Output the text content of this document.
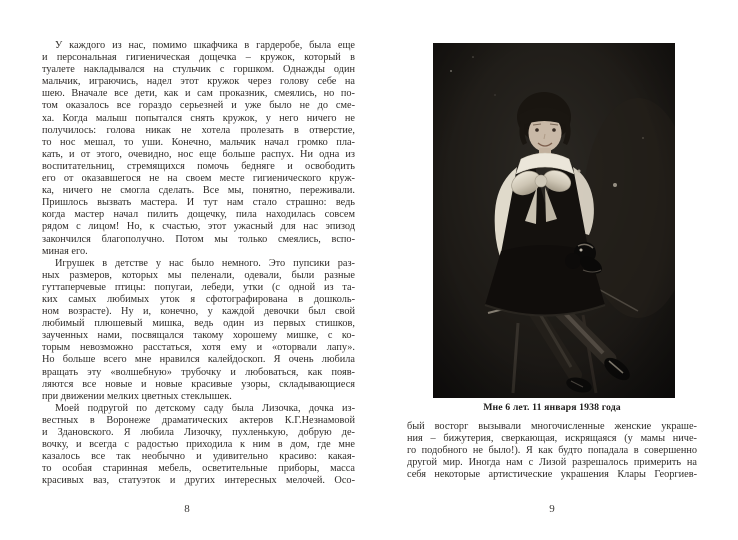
У каждого из нас, помимо шкафчика в гардеробе, была еще
и персональная гигиеническая дощечка – кружок, который в
туалете накладывался на стульчик с горшком. Однажды один
мальчик, играючись, надел этот кружок через голову себе на
шею. Вначале все дети, как и сам проказник, смеялись, но по-
том оказалось все гораздо серьезней и уже было не до сме-
ха. Когда малыш попытался снять кружок, у него ничего не
получилось: голова никак не хотела пролезать в отверстие,
то нос мешал, то уши. Конечно, мальчик начал громко пла-
кать, и от этого, очевидно, нос еще больше распух. Ни одна из
воспитательниц, стремящихся помочь бедняге и освободить
его от оказавшегося не на своем месте гигиенического круж-
ка, ничего не смогла сделать. Все мы, понятно, переживали.
Пришлось вызвать мастера. И тут нам стало страшно: ведь
когда мастер начал пилить дощечку, пила находилась совсем
рядом с лицом! Но, к счастью, этот ужасный для нас эпизод
закончился благополучно. Потом мы только смеялись, вспо-
миная его.
Игрушек в детстве у нас было немного. Это пупсики раз-
ных размеров, которых мы пеленали, одевали, были разные
гуттаперчевые птицы: попугаи, лебеди, утки (с одной из та-
ких самых любимых уток я сфотографирована в дошколь-
ном возрасте). Ну и, конечно, у каждой девочки был свой
любимый плюшевый мишка, ведь один из первых стишков,
заученных нами, посвящался такому хорошему мишке, с ко-
торым невозможно расстаться, хотя ему и «оторвали лапу».
Но больше всего мне нравился калейдоскоп. Я очень любила
вращать эту «волшебную» трубочку и любоваться, как появ-
ляются все новые и новые красивые узоры, складывающиеся
при движении мелких цветных стеклышек.
Моей подругой по детскому саду была Лизочка, дочка из-
вестных в Воронеже драматических актеров К.Г.Незнамовой
и Здановского. Я любила Лизочку, пухленькую, добрую де-
вочку, и всегда с радостью приходила к ним в дом, где мне
казалось все так необычно и удивительно красиво: какая-
то особая старинная мебель, осветительные приборы, масса
красивых ваз, статуэток и других интересных мелочей. Осо-
Мне 6 лет. 11 января 1938 года
бый восторг вызывали многочисленные женские украше-
ния – бижутерия, сверкающая, искрящаяся (у мамы ниче-
го подобного не было!). Я как будто попадала в совершенно
другой мир. Иногда нам с Лизой разрешалось примерить на
себя некоторые артистические украшения Клары Георгиев-
8	9
